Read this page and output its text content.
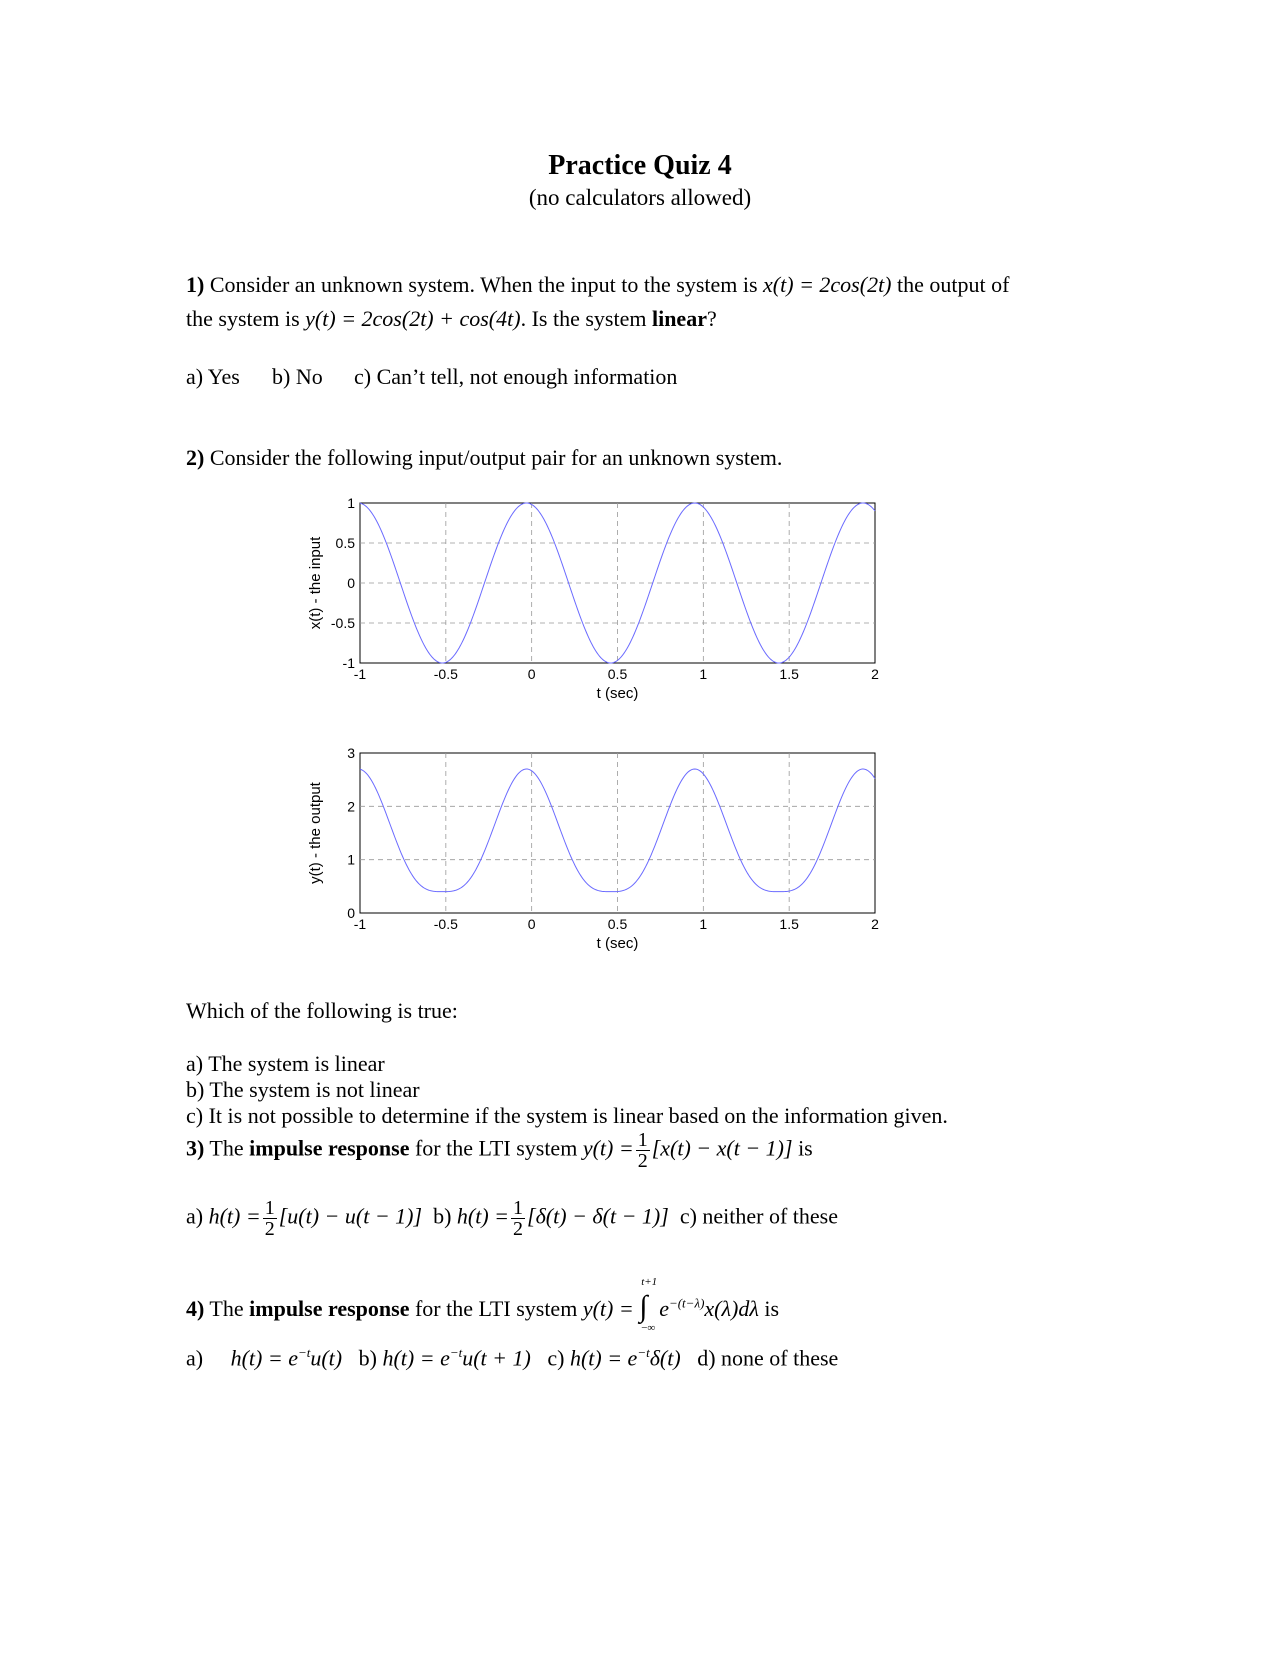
Practice Quiz 4
(no calculators allowed)
1) Consider an unknown system. When the input to the system is x(t) = 2cos(2t) the output of
the system is y(t) = 2cos(2t) + cos(4t). Is the system linear?
a) Yes b) No c) Can’t tell, not enough information
2) Consider the following input/output pair for an unknown system.
-1	-0.5	0	0.5	1	1.5	2
-1
-0.5
0
0.5
1
t (sec)
x(t) - the input
-1	-0.5	0	0.5	1	1.5	2
0
1
2
3
t (sec)
y(t) - the output
Which of the following is true:
a) The system is linear
b) The system is not linear
c) It is not possible to determine if the system is linear based on the information given.
3) The impulse response for the LTI system $y(t) = \frac{1}{2} [x(t) - x(t - 1)]$ is
a) $h(t) = \frac{1}{2} [u(t) - u(t - 1)]$ b) $h(t) = \frac{1}{2} [\delta(t) - \delta(t - 1)]$ c) neither of these
4) The impulse response for the LTI system y(t) = ∫
t+1
−∞
$e^{-(t-\lambda)}x(\lambda)d\lambda$ is
a) $h(t) = e^{-t}u(t)$ b) $h(t) = e^{-t}u(t + 1)$ c) $h(t) = e^{-t}\delta(t)$ d) none of these
